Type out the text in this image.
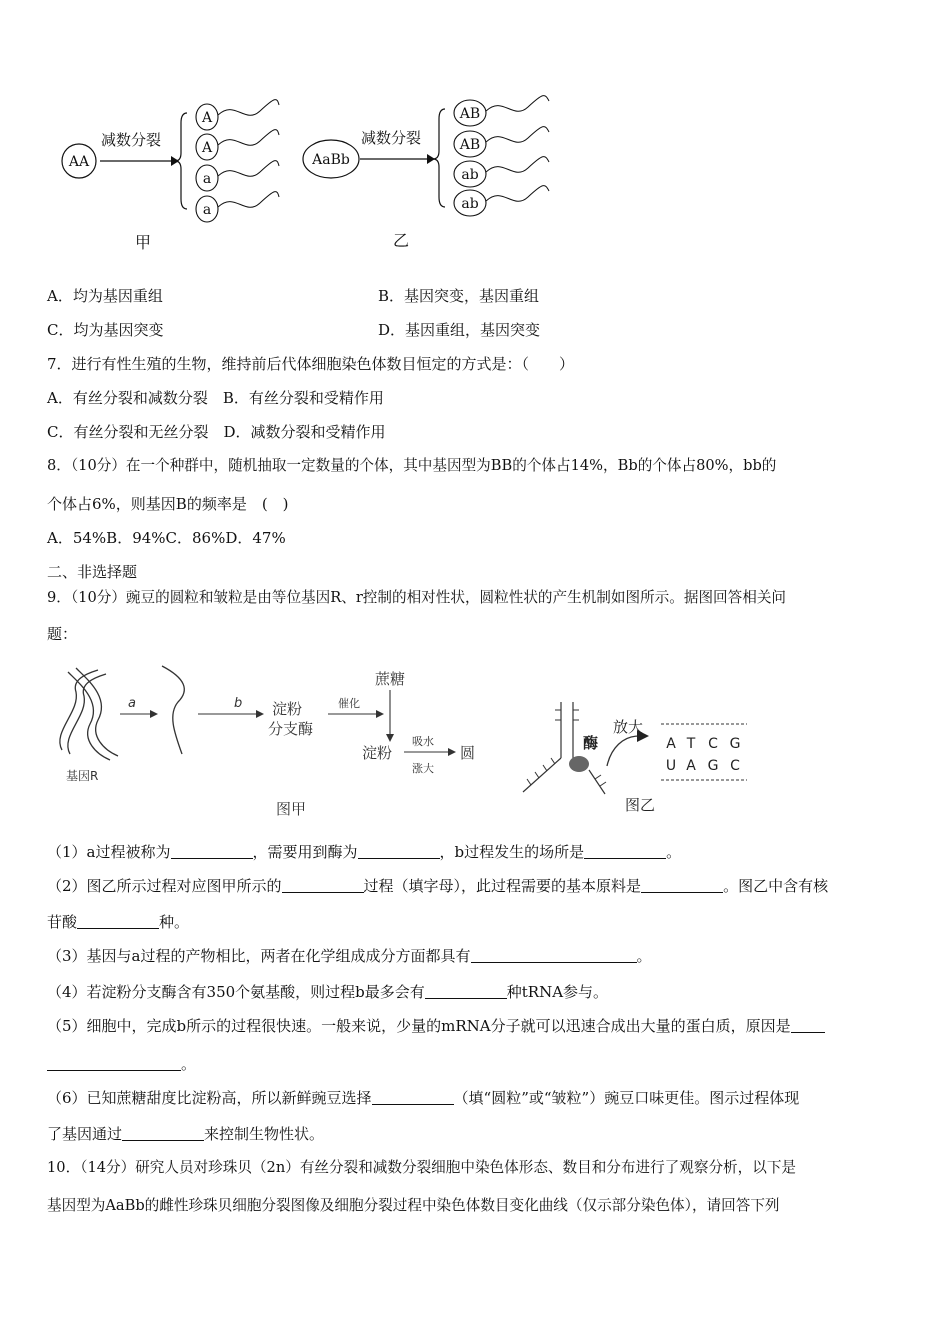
AA
减数分裂
A
A
a
a
甲
AaBb
减数分裂
AB
AB
ab
ab
乙
A．均为基因重组	B．基因突变，基因重组
C．均为基因突变	D．基因重组，基因突变
7．进行有性生殖的生物，维持前后代体细胞染色体数目恒定的方式是：（　　）
A．有丝分裂和减数分裂　B．有丝分裂和受精作用
C．有丝分裂和无丝分裂　D．减数分裂和受精作用
8．（10分）在一个种群中，随机抽取一定数量的个体，其中基因型为BB的个体占14%，Bb的个体占80%，bb的
个体占6%，则基因B的频率是　(　)
A．54%B．94%C．86%D．47%
二、非选择题
9．（10分）豌豆的圆粒和皱粒是由等位基因R、r控制的相对性状，圆粒性状的产生机制如图所示。据图回答相关问
题：
基因R
a	b 淀粉
分支酶
催化
蔗糖
淀粉
吸水
涨大
圆
图甲
酶
放大
A T C G
U A G C
图乙
（1）a过程被称为	，需要用到酶为	，b过程发生的场所是	。
（2）图乙所示过程对应图甲所示的	过程（填字母），此过程需要的基本原料是	。图乙中含有核
苷酸	种。
（3）基因与a过程的产物相比，两者在化学组成成分方面都具有	。
（4）若淀粉分支酶含有350个氨基酸，则过程b最多会有	种tRNA参与。
（5）细胞中，完成b所示的过程很快速。一般来说，少量的mRNA分子就可以迅速合成出大量的蛋白质，原因是
。
（6）已知蔗糖甜度比淀粉高，所以新鲜豌豆选择	（填“圆粒”或“皱粒”）豌豆口味更佳。图示过程体现
了基因通过	来控制生物性状。
10．（14分）研究人员对珍珠贝（2n）有丝分裂和减数分裂细胞中染色体形态、数目和分布进行了观察分析，以下是
基因型为AaBb的雌性珍珠贝细胞分裂图像及细胞分裂过程中染色体数目变化曲线（仅示部分染色体），请回答下列
